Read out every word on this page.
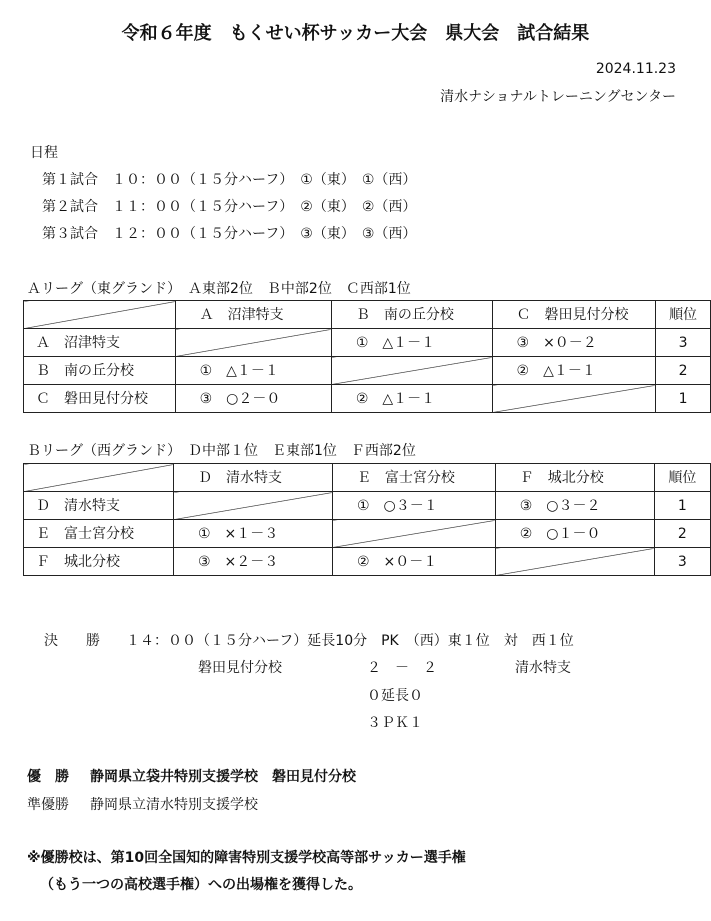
令和６年度　もくせい杯サッカー大会　県大会　試合結果
2024.11.23
清水ナショナルトレーニングセンター
日程
第１試合　１０：００（１５分ハーフ）　①（東）　①（西）
第２試合　１１：００（１５分ハーフ）　②（東）　②（西）
第３試合　１２：００（１５分ハーフ）　③（東）　③（西）
Ａリーグ（東グランド）　Ａ東部2位　Ｂ中部2位　Ｃ西部1位
	Ａ　沼津特支	Ｂ　南の丘分校	Ｃ　磐田見付分校	順位
Ａ　沼津特支		①　△１－１	③　×０－２	3
Ｂ　南の丘分校	①　△１－１		②　△１－１	2
Ｃ　磐田見付分校	③　○２－０	②　△１－１		1
Ｂリーグ（西グランド）　Ｄ中部１位　Ｅ東部1位　Ｆ西部2位
	Ｄ　清水特支	Ｅ　富士宮分校	Ｆ　城北分校	順位
Ｄ　清水特支		①　○３－１	③　○３－２	1
Ｅ　富士宮分校	①　×１－３		②　○１－０	2
Ｆ　城北分校	③　×２－３	②　×０－１		3
決　　勝 １４：００（１５分ハーフ）延長10分　PK　（西）東１位　対　西１位
磐田見付分校	２　－　２	清水特支
０延長０
３ＰＫ１
優　勝 静岡県立袋井特別支援学校　磐田見付分校
準優勝 静岡県立清水特別支援学校
※優勝校は、第10回全国知的障害特別支援学校高等部サッカー選手権
（もう一つの高校選手権）への出場権を獲得した。
